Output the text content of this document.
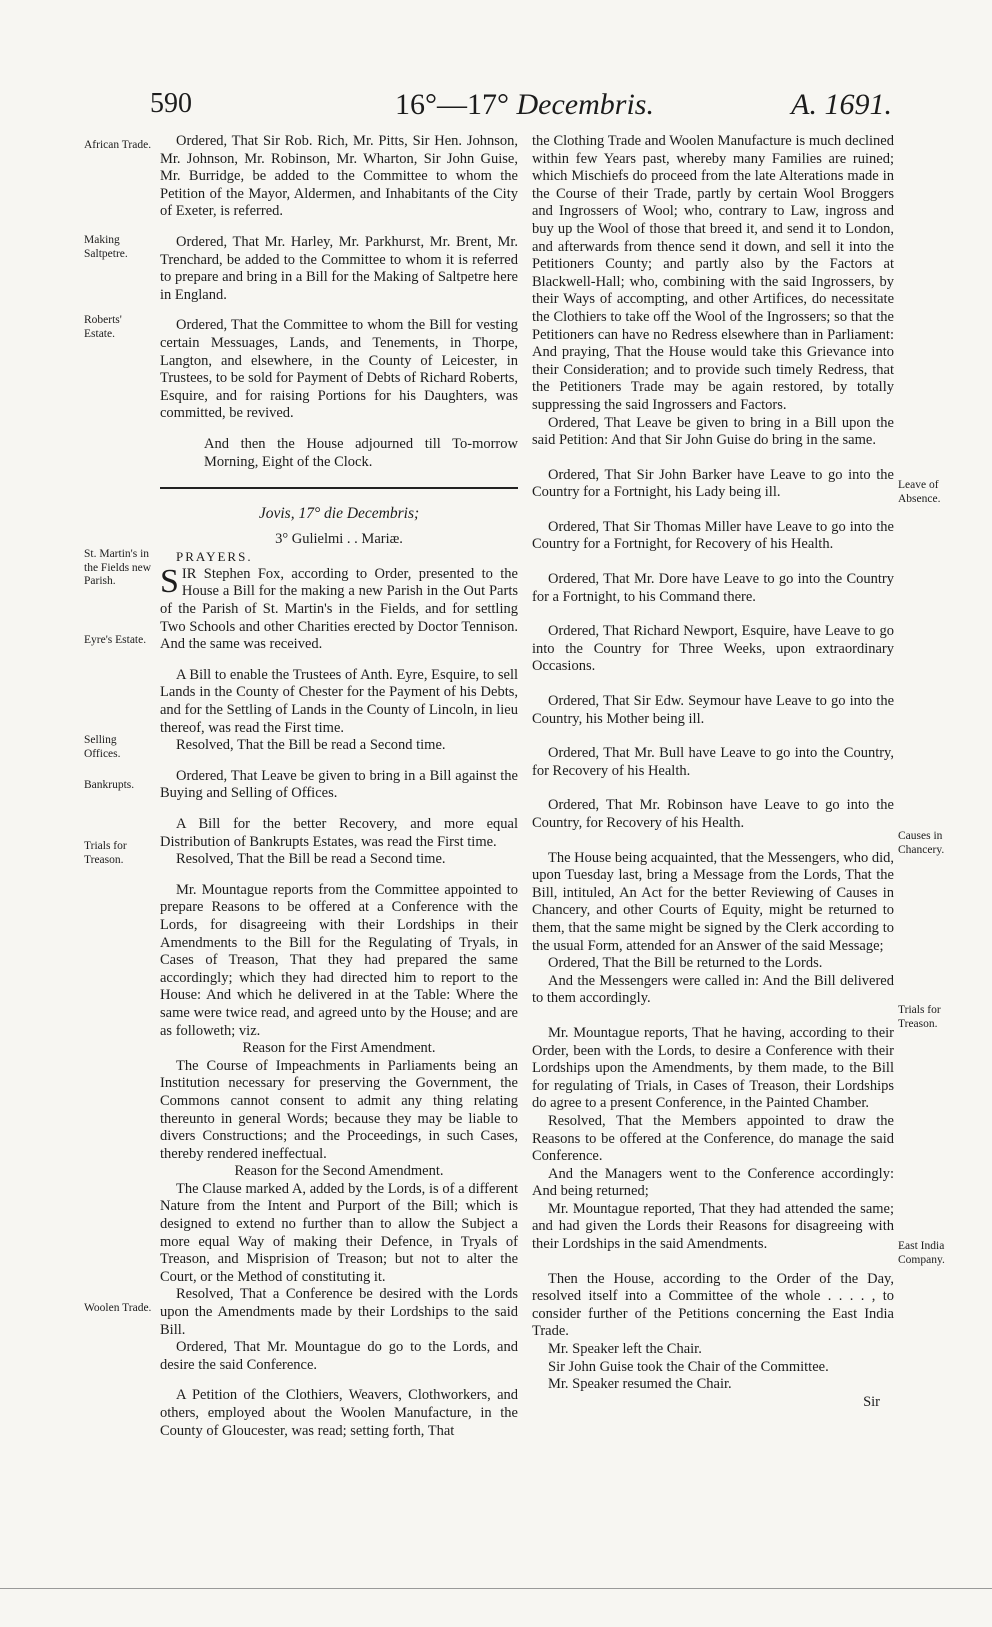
590	16°—17° Decembris.	A. 1691.
African Trade.
Making Saltpetre.
Roberts' Estate.
St. Martin's in the Fields new Parish.
Eyre's Estate.
Selling Offices.
Bankrupts.
Trials for Treason.
Woolen Trade.
Leave of Absence.
Causes in Chancery.
Trials for Treason.
East India Company.

Ordered, That Sir Rob. Rich, Mr. Pitts, Sir Hen. Johnson, Mr. Johnson, Mr. Robinson, Mr. Wharton, Sir John Guise, Mr. Burridge, be added to the Committee to whom the Petition of the Mayor, Aldermen, and Inhabitants of the City of Exeter, is referred.

Ordered, That Mr. Harley, Mr. Parkhurst, Mr. Brent, Mr. Trenchard, be added to the Committee to whom it is referred to prepare and bring in a Bill for the Making of Saltpetre here in England.

Ordered, That the Committee to whom the Bill for vesting certain Messuages, Lands, and Tenements, in Thorpe, Langton, and elsewhere, in the County of Leicester, in Trustees, to be sold for Payment of Debts of Richard Roberts, Esquire, and for raising Portions for his Daughters, was committed, be revived.

And then the House adjourned till To-morrow Morning, Eight of the Clock.

Jovis, 17° die Decembris;
3° Gulielmi . . Mariæ.

PRAYERS.

SIR Stephen Fox, according to Order, presented to the House a Bill for the making a new Parish in the Out Parts of the Parish of St. Martin's in the Fields, and for settling Two Schools and other Charities erected by Doctor Tennison. And the same was received.

A Bill to enable the Trustees of Anth. Eyre, Esquire, to sell Lands in the County of Chester for the Payment of his Debts, and for the Settling of Lands in the County of Lincoln, in lieu thereof, was read the First time.

Resolved, That the Bill be read a Second time.

Ordered, That Leave be given to bring in a Bill against the Buying and Selling of Offices.

A Bill for the better Recovery, and more equal Distribution of Bankrupts Estates, was read the First time.

Resolved, That the Bill be read a Second time.

Mr. Mountague reports from the Committee appointed to prepare Reasons to be offered at a Conference with the Lords, for disagreeing with their Lordships in their Amendments to the Bill for the Regulating of Tryals, in Cases of Treason, That they had prepared the same accordingly; which they had directed him to report to the House: And which he delivered in at the Table: Where the same were twice read, and agreed unto by the House; and are as followeth; viz.

Reason for the First Amendment.

The Course of Impeachments in Parliaments being an Institution necessary for preserving the Government, the Commons cannot consent to admit any thing relating thereunto in general Words; because they may be liable to divers Constructions; and the Proceedings, in such Cases, thereby rendered ineffectual.

Reason for the Second Amendment.

The Clause marked A, added by the Lords, is of a different Nature from the Intent and Purport of the Bill; which is designed to extend no further than to allow the Subject a more equal Way of making their Defence, in Tryals of Treason, and Misprision of Treason; but not to alter the Court, or the Method of constituting it.

Resolved, That a Conference be desired with the Lords upon the Amendments made by their Lordships to the said Bill.

Ordered, That Mr. Mountague do go to the Lords, and desire the said Conference.

A Petition of the Clothiers, Weavers, Clothworkers, and others, employed about the Woolen Manufacture, in the County of Gloucester, was read; setting forth, That

the Clothing Trade and Woolen Manufacture is much declined within few Years past, whereby many Families are ruined; which Mischiefs do proceed from the late Alterations made in the Course of their Trade, partly by certain Wool Broggers and Ingrossers of Wool; who, contrary to Law, ingross and buy up the Wool of those that breed it, and send it to London, and afterwards from thence send it down, and sell it into the Petitioners County; and partly also by the Factors at Blackwell-Hall; who, combining with the said Ingrossers, by their Ways of accompting, and other Artifices, do necessitate the Clothiers to take off the Wool of the Ingrossers; so that the Petitioners can have no Redress elsewhere than in Parliament: And praying, That the House would take this Grievance into their Consideration; and to provide such timely Redress, that the Petitioners Trade may be again restored, by totally suppressing the said Ingrossers and Factors.

Ordered, That Leave be given to bring in a Bill upon the said Petition: And that Sir John Guise do bring in the same.

Ordered, That Sir John Barker have Leave to go into the Country for a Fortnight, his Lady being ill.

Ordered, That Sir Thomas Miller have Leave to go into the Country for a Fortnight, for Recovery of his Health.

Ordered, That Mr. Dore have Leave to go into the Country for a Fortnight, to his Command there.

Ordered, That Richard Newport, Esquire, have Leave to go into the Country for Three Weeks, upon extraordinary Occasions.

Ordered, That Sir Edw. Seymour have Leave to go into the Country, his Mother being ill.

Ordered, That Mr. Bull have Leave to go into the Country, for Recovery of his Health.

Ordered, That Mr. Robinson have Leave to go into the Country, for Recovery of his Health.

The House being acquainted, that the Messengers, who did, upon Tuesday last, bring a Message from the Lords, That the Bill, intituled, An Act for the better Reviewing of Causes in Chancery, and other Courts of Equity, might be returned to them, that the same might be signed by the Clerk according to the usual Form, attended for an Answer of the said Message;

Ordered, That the Bill be returned to the Lords.

And the Messengers were called in: And the Bill delivered to them accordingly.

Mr. Mountague reports, That he having, according to their Order, been with the Lords, to desire a Conference with their Lordships upon the Amendments, by them made, to the Bill for regulating of Trials, in Cases of Treason, their Lordships do agree to a present Conference, in the Painted Chamber.

Resolved, That the Members appointed to draw the Reasons to be offered at the Conference, do manage the said Conference.

And the Managers went to the Conference accordingly: And being returned;

Mr. Mountague reported, That they had attended the same; and had given the Lords their Reasons for disagreeing with their Lordships in the said Amendments.

Then the House, according to the Order of the Day, resolved itself into a Committee of the whole . . . . , to consider further of the Petitions concerning the East India Trade.

Mr. Speaker left the Chair.

Sir John Guise took the Chair of the Committee.

Mr. Speaker resumed the Chair.

Sir
